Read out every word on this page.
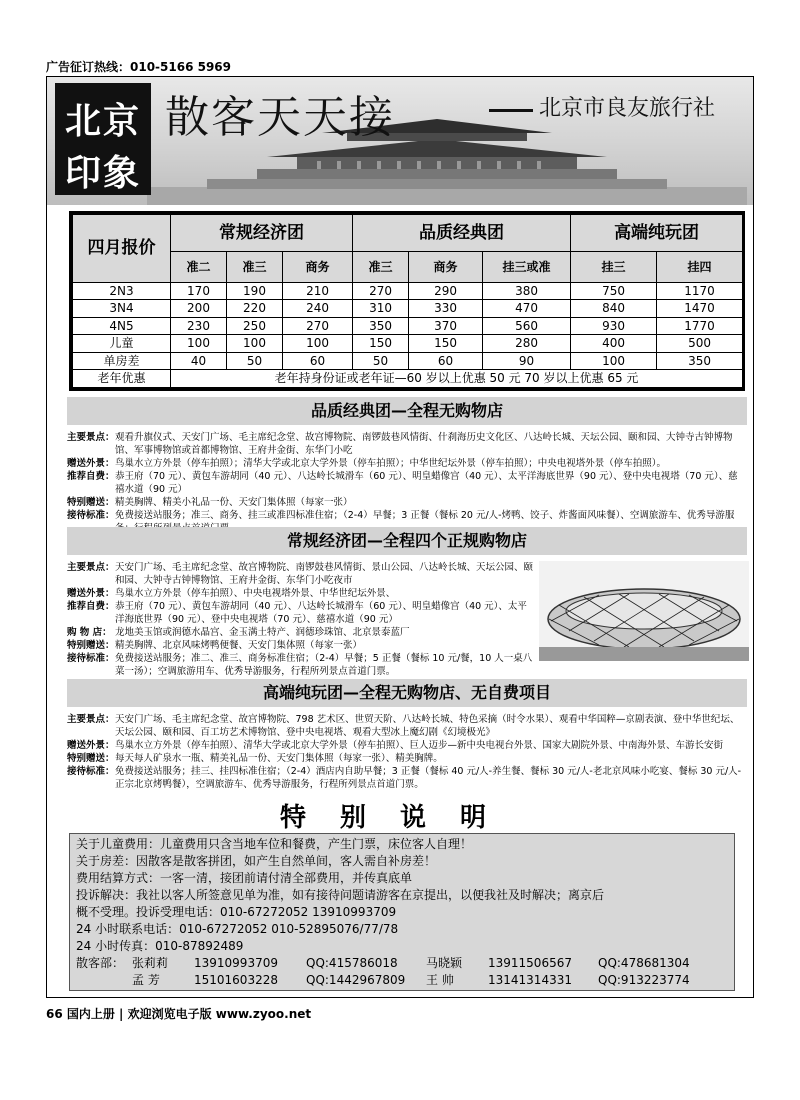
广告征订热线：010-5166 5969
北京
印象
散客天天接	北京市良友旅行社
四月报价	常规经济团			品质经典团			高端纯玩团	
	准二	准三	商务	准三	商务	挂三或准	挂三	挂四
2N3	170	190	210	270	290	380	750	1170
3N4	200	220	240	310	330	470	840	1470
4N5	230	250	270	350	370	560	930	1770
儿童	100	100	100	150	150	280	400	500
单房差	40	50	60	50	60	90	100	350
老年优惠	老年持身份证或老年证—60 岁以上优惠 50 元 70 岁以上优惠 65 元							
品质经典团—全程无购物店
主要景点： 观看升旗仪式、天安门广场、毛主席纪念堂、故宫博物院、南锣鼓巷风情街、什刹海历史文化区、八达岭长城、天坛公园、颐和园、大钟寺古钟博物馆、军事博物馆或首都博物馆、王府井金街、东华门小吃
赠送外景： 鸟巢水立方外景（停车拍照）；清华大学或北京大学外景（停车拍照）；中华世纪坛外景（停车拍照）；中央电视塔外景（停车拍照）。
推荐自费： 恭王府（70 元）、黄包车游胡同（40 元）、八达岭长城滑车（60 元）、明皇蜡像宫（40 元）、太平洋海底世界（90 元）、登中央电视塔（70 元）、慈禧水道（90 元）
特别赠送： 精美胸牌、精美小礼品一份、天安门集体照（每家一张）
接待标准： 免费接送站服务；准三、商务、挂三或准四标准住宿；（2-4）早餐；3 正餐（餐标 20 元/人-烤鸭、饺子、炸酱面风味餐）、空调旅游车、优秀导游服
常规经济团—全程四个正规购物店
主要景点： 天安门广场、毛主席纪念堂、故宫博物院、南锣鼓巷风情街、景山公园、八达岭长城、天坛公园、颐和园、大钟寺古钟博物馆、王府井金街、东华门小吃夜市
赠送外景： 鸟巢水立方外景（停车拍照）、中央电视塔外景、中华世纪坛外景、
推荐自费： 恭王府（70 元）、黄包车游胡同（40 元）、八达岭长城滑车（60 元）、明皇蜡像宫（40 元）、太平洋海底世界（90 元）、登中央电视塔（70 元）、慈禧水道（90 元）
购 物 店： 龙地美玉馆或润德水晶宫、金玉满土特产、润德珍珠馆、北京景泰蓝厂
特别赠送： 精美胸牌、北京风味烤鸭便餐、天安门集体照（每家一张）
接待标准： 免费接送站服务；准二、准三、商务标准住宿；（2-4）早餐；5 正餐（餐标 10 元/餐，10 人一桌八菜一汤）；空调旅游用车、优秀导游服务，行程所列景点首道门票。
高端纯玩团—全程无购物店、无自费项目
主要景点： 天安门广场、毛主席纪念堂、故宫博物院、798 艺术区、世贸天阶、八达岭长城、特色采摘（时令水果）、观看中华国粹—京剧表演、登中华世纪坛、天坛公园、颐和园、百工坊艺术博物馆、登中央电视塔、观看大型冰上魔幻剧《幻境极光》
赠送外景： 鸟巢水立方外景（停车拍照）、清华大学或北京大学外景（停车拍照）、巨人迈步—新中央电视台外景、国家大剧院外景、中南海外景、车游长安街
特别赠送： 每天每人矿泉水一瓶、精美礼品一份、天安门集体照（每家一张）、精美胸牌。
接待标准： 免费接送站服务；挂三、挂四标准住宿；（2-4）酒店内自助早餐；3 正餐（餐标 40 元/人-养生餐、餐标 30 元/人-老北京风味小吃宴、餐标 30 元/人-正宗北京烤鸭餐），空调旅游车、优秀导游服务，行程所列景点首道门票。
特别说明
关于儿童费用：儿童费用只含当地车位和餐费，产生门票，床位客人自理！
关于房差：因散客是散客拼团，如产生自然单间，客人需自补房差！
费用结算方式：一客一清，接团前请付清全部费用，并传真底单
投诉解决：我社以客人所签意见单为准，如有接待问题请游客在京提出，以便我社及时解决；离京后
概不受理。投诉受理电话：010-67272052 13910993709
24 小时联系电话：010-67272052 010-52895076/77/78
24 小时传真：010-87892489
散客部： 张莉莉	13910993709	QQ:415786018	马晓颖	13911506567	QQ:478681304
孟 芳	15101603228	QQ:1442967809	王 帅	13141314331	QQ:913223774
66 国内上册 | 欢迎浏览电子版 www.zyoo.net
